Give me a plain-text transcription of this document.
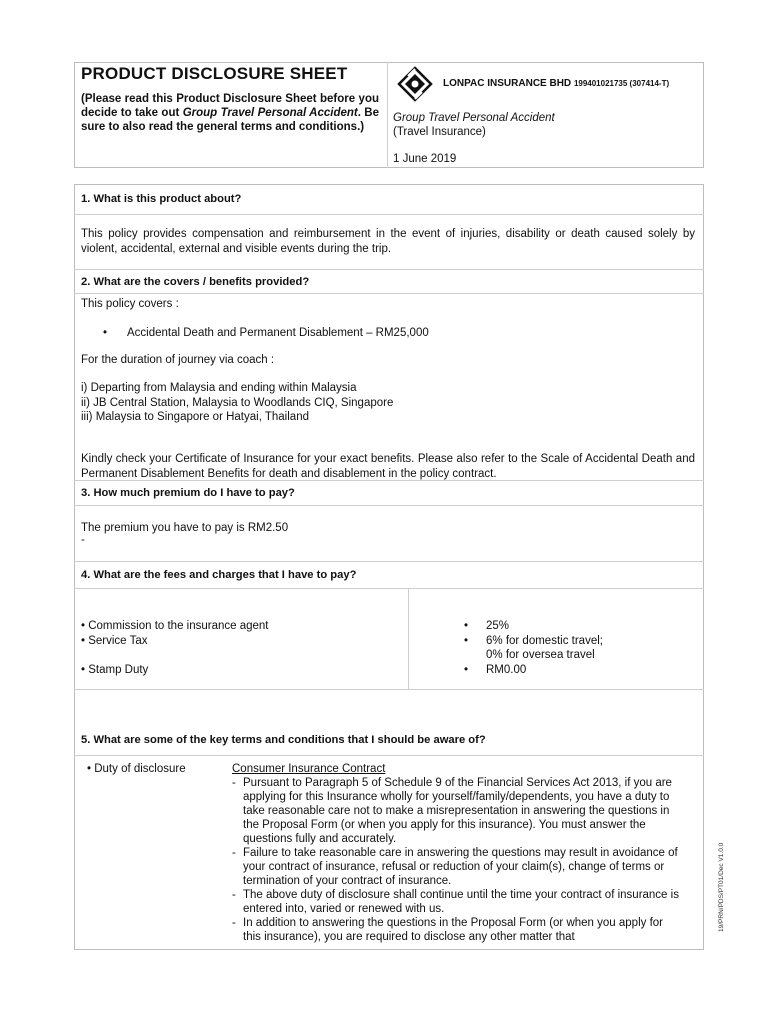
PRODUCT DISCLOSURE SHEET
(Please read this Product Disclosure Sheet before you decide to take out Group Travel Personal Accident. Be sure to also read the general terms and conditions.)
LONPAC INSURANCE BHD 199401021735 (307414-T)
Group Travel Personal Accident
(Travel Insurance)
1 June 2019
1. What is this product about?
This policy provides compensation and reimbursement in the event of injuries, disability or death caused solely by violent, accidental, external and visible events during the trip.
2. What are the covers / benefits provided?
This policy covers :
• Accidental Death and Permanent Disablement – RM25,000
For the duration of journey via coach :
i) Departing from Malaysia and ending within Malaysia
ii) JB Central Station, Malaysia to Woodlands CIQ, Singapore
iii) Malaysia to Singapore or Hatyai, Thailand
Kindly check your Certificate of Insurance for your exact benefits. Please also refer to the Scale of Accidental Death and Permanent Disablement Benefits for death and disablement in the policy contract.
3. How much premium do I have to pay?
The premium you have to pay is RM2.50
-
4. What are the fees and charges that I have to pay?
• Commission to the insurance agent
• Service Tax
• Stamp Duty
• 25%
• 6% for domestic travel;
0% for oversea travel
• RM0.00
5. What are some of the key terms and conditions that I should be aware of?
• Duty of disclosure	Consumer Insurance Contract
- Pursuant to Paragraph 5 of Schedule 9 of the Financial Services Act 2013, if you are applying for this Insurance wholly for yourself/family/dependents, you have a duty to take reasonable care not to make a misrepresentation in answering the questions in the Proposal Form (or when you apply for this insurance). You must answer the questions fully and accurately.
- Failure to take reasonable care in answering the questions may result in avoidance of your contract of insurance, refusal or reduction of your claim(s), change of terms or termination of your contract of insurance.
- The above duty of disclosure shall continue until the time your contract of insurance is entered into, varied or renewed with us.
- In addition to answering the questions in the Proposal Form (or when you apply for this insurance), you are required to disclose any other matter that
19/PRN/PDS/PT01/Dec V1.0.0
